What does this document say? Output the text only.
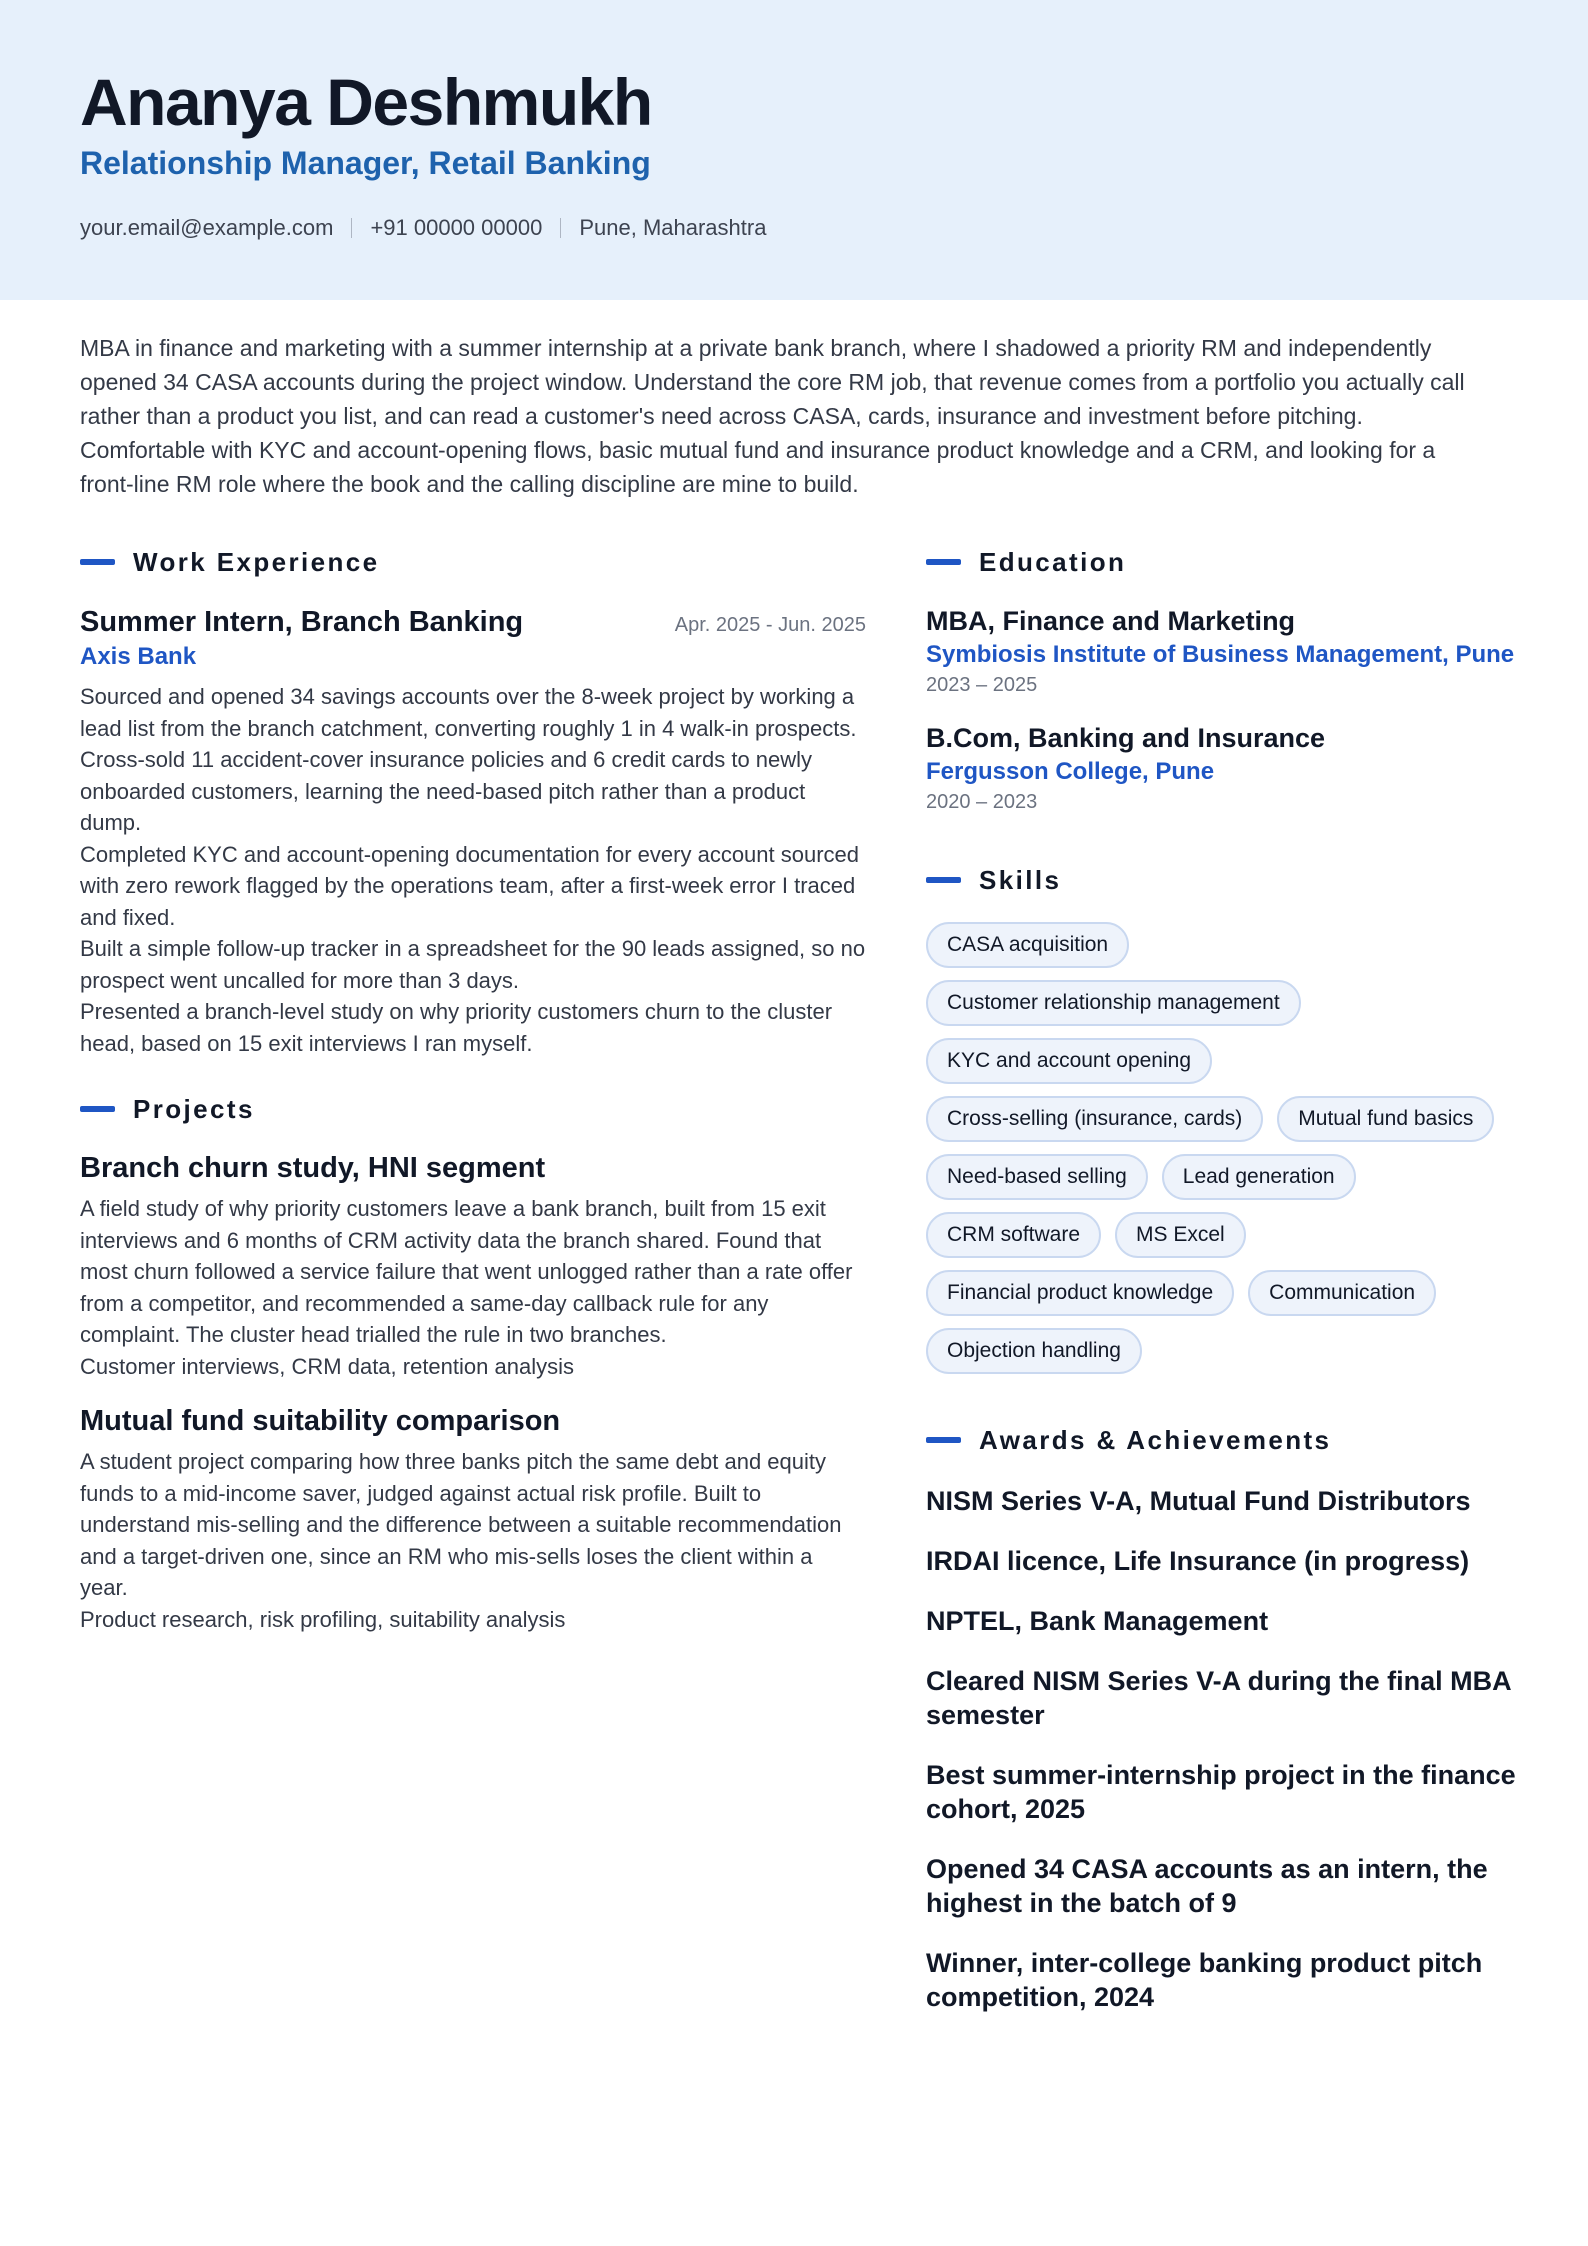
Ananya Deshmukh
Relationship Manager, Retail Banking
your.email@example.com +91 00000 00000 Pune, Maharashtra
MBA in finance and marketing with a summer internship at a private bank branch, where I shadowed a priority RM and independently opened 34 CASA accounts during the project window. Understand the core RM job, that revenue comes from a portfolio you actually call rather than a product you list, and can read a customer's need across CASA, cards, insurance and investment before pitching. Comfortable with KYC and account-opening flows, basic mutual fund and insurance product knowledge and a CRM, and looking for a front-line RM role where the book and the calling discipline are mine to build.
Work Experience
Summer Intern, Branch Banking	Apr. 2025 - Jun. 2025
Axis Bank
Sourced and opened 34 savings accounts over the 8-week project by working a lead list from the branch catchment, converting roughly 1 in 4 walk-in prospects.
Cross-sold 11 accident-cover insurance policies and 6 credit cards to newly onboarded customers, learning the need-based pitch rather than a product dump.
Completed KYC and account-opening documentation for every account sourced with zero rework flagged by the operations team, after a first-week error I traced and fixed.
Built a simple follow-up tracker in a spreadsheet for the 90 leads assigned, so no prospect went uncalled for more than 3 days.
Presented a branch-level study on why priority customers churn to the cluster head, based on 15 exit interviews I ran myself.
Projects
Branch churn study, HNI segment
A field study of why priority customers leave a bank branch, built from 15 exit interviews and 6 months of CRM activity data the branch shared. Found that most churn followed a service failure that went unlogged rather than a rate offer from a competitor, and recommended a same-day callback rule for any complaint. The cluster head trialled the rule in two branches.
Customer interviews, CRM data, retention analysis
Mutual fund suitability comparison
A student project comparing how three banks pitch the same debt and equity funds to a mid-income saver, judged against actual risk profile. Built to understand mis-selling and the difference between a suitable recommendation and a target-driven one, since an RM who mis-sells loses the client within a year.
Product research, risk profiling, suitability analysis
Education
MBA, Finance and Marketing
Symbiosis Institute of Business Management, Pune
2023 – 2025
B.Com, Banking and Insurance
Fergusson College, Pune
2020 – 2023
Skills
CASA acquisition
Customer relationship management
KYC and account opening
Cross-selling (insurance, cards)	Mutual fund basics
Need-based selling	Lead generation
CRM software	MS Excel
Financial product knowledge	Communication
Objection handling
Awards & Achievements
NISM Series V-A, Mutual Fund Distributors
IRDAI licence, Life Insurance (in progress)
NPTEL, Bank Management
Cleared NISM Series V-A during the final MBA semester
Best summer-internship project in the finance cohort, 2025
Opened 34 CASA accounts as an intern, the highest in the batch of 9
Winner, inter-college banking product pitch competition, 2024
